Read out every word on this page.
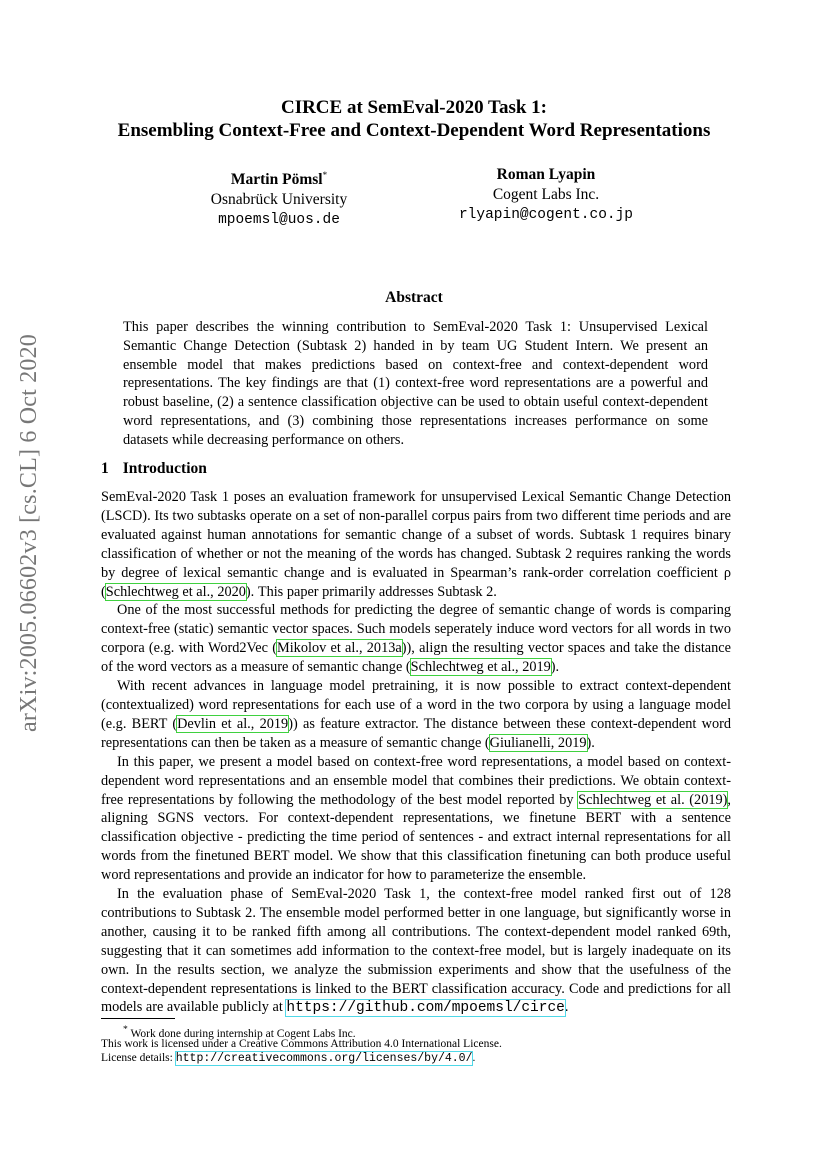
arXiv:2005.06602v3 [cs.CL] 6 Oct 2020
CIRCE at SemEval-2020 Task 1:
Ensembling Context-Free and Context-Dependent Word Representations
Martin Pömsl*
Osnabrück University
mpoemsl@uos.de
Roman Lyapin
Cogent Labs Inc.
rlyapin@cogent.co.jp
Abstract
This paper describes the winning contribution to SemEval-2020 Task 1: Unsupervised Lexical Semantic Change Detection (Subtask 2) handed in by team UG Student Intern. We present an ensemble model that makes predictions based on context-free and context-dependent word representations. The key findings are that (1) context-free word representations are a powerful and robust baseline, (2) a sentence classification objective can be used to obtain useful context-dependent word representations, and (3) combining those representations increases performance on some datasets while decreasing performance on others.
1 Introduction

SemEval-2020 Task 1 poses an evaluation framework for unsupervised Lexical Semantic Change Detection (LSCD). Its two subtasks operate on a set of non-parallel corpus pairs from two different time periods and are evaluated against human annotations for semantic change of a subset of words. Subtask 1 requires binary classification of whether or not the meaning of the words has changed. Subtask 2 requires ranking the words by degree of lexical semantic change and is evaluated in Spearman’s rank-order correlation coefficient ρ (Schlechtweg et al., 2020). This paper primarily addresses Subtask 2.

One of the most successful methods for predicting the degree of semantic change of words is comparing context-free (static) semantic vector spaces. Such models seperately induce word vectors for all words in two corpora (e.g. with Word2Vec (Mikolov et al., 2013a)), align the resulting vector spaces and take the distance of the word vectors as a measure of semantic change (Schlechtweg et al., 2019).

With recent advances in language model pretraining, it is now possible to extract context-dependent (contextualized) word representations for each use of a word in the two corpora by using a language model (e.g. BERT (Devlin et al., 2019)) as feature extractor. The distance between these context-dependent word representations can then be taken as a measure of semantic change (Giulianelli, 2019).

In this paper, we present a model based on context-free word representations, a model based on context-dependent word representations and an ensemble model that combines their predictions. We obtain context-free representations by following the methodology of the best model reported by Schlechtweg et al. (2019), aligning SGNS vectors. For context-dependent representations, we finetune BERT with a sentence classification objective - predicting the time period of sentences - and extract internal representations for all words from the finetuned BERT model. We show that this classification finetuning can both produce useful word representations and provide an indicator for how to parameterize the ensemble.

In the evaluation phase of SemEval-2020 Task 1, the context-free model ranked first out of 128 contributions to Subtask 2. The ensemble model performed better in one language, but significantly worse in another, causing it to be ranked fifth among all contributions. The context-dependent model ranked 69th, suggesting that it can sometimes add information to the context-free model, but is largely inadequate on its own. In the results section, we analyze the submission experiments and show that the usefulness of the context-dependent representations is linked to the BERT classification accuracy. Code and predictions for all models are available publicly at https://github.com/mpoemsl/circe.

* Work done during internship at Cogent Labs Inc.
This work is licensed under a Creative Commons Attribution 4.0 International License.
License details: http://creativecommons.org/licenses/by/4.0/.
